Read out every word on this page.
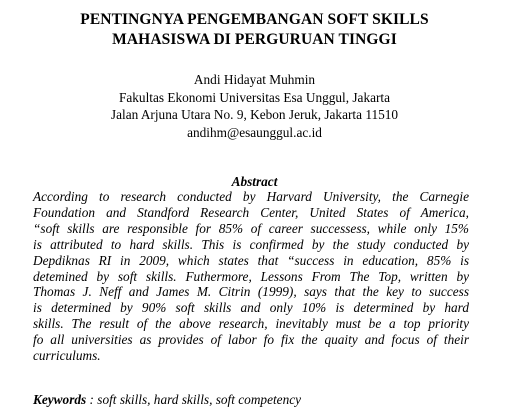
PENTINGNYA PENGEMBANGAN SOFT SKILLS
MAHASISWA DI PERGURUAN TINGGI
Andi Hidayat Muhmin
Fakultas Ekonomi Universitas Esa Unggul, Jakarta
Jalan Arjuna Utara No. 9, Kebon Jeruk, Jakarta 11510
andihm@esaunggul.ac.id
Abstract
According to research conducted by Harvard University, the Carnegie
Foundation and Standford Research Center, United States of America,
“soft skills are responsible for 85% of career successess, while only 15%
is attributed to hard skills. This is confirmed by the study conducted by
Depdiknas RI in 2009, which states that “success in education, 85% is
detemined by soft skills. Futhermore, Lessons From The Top, written by
Thomas J. Neff and James M. Citrin (1999), says that the key to success
is determined by 90% soft skills and only 10% is determined by hard
skills. The result of the above research, inevitably must be a top priority
fo all universities as provides of labor fo fix the quaity and focus of their
curriculums.
Keywords : soft skills, hard skills, soft competency
